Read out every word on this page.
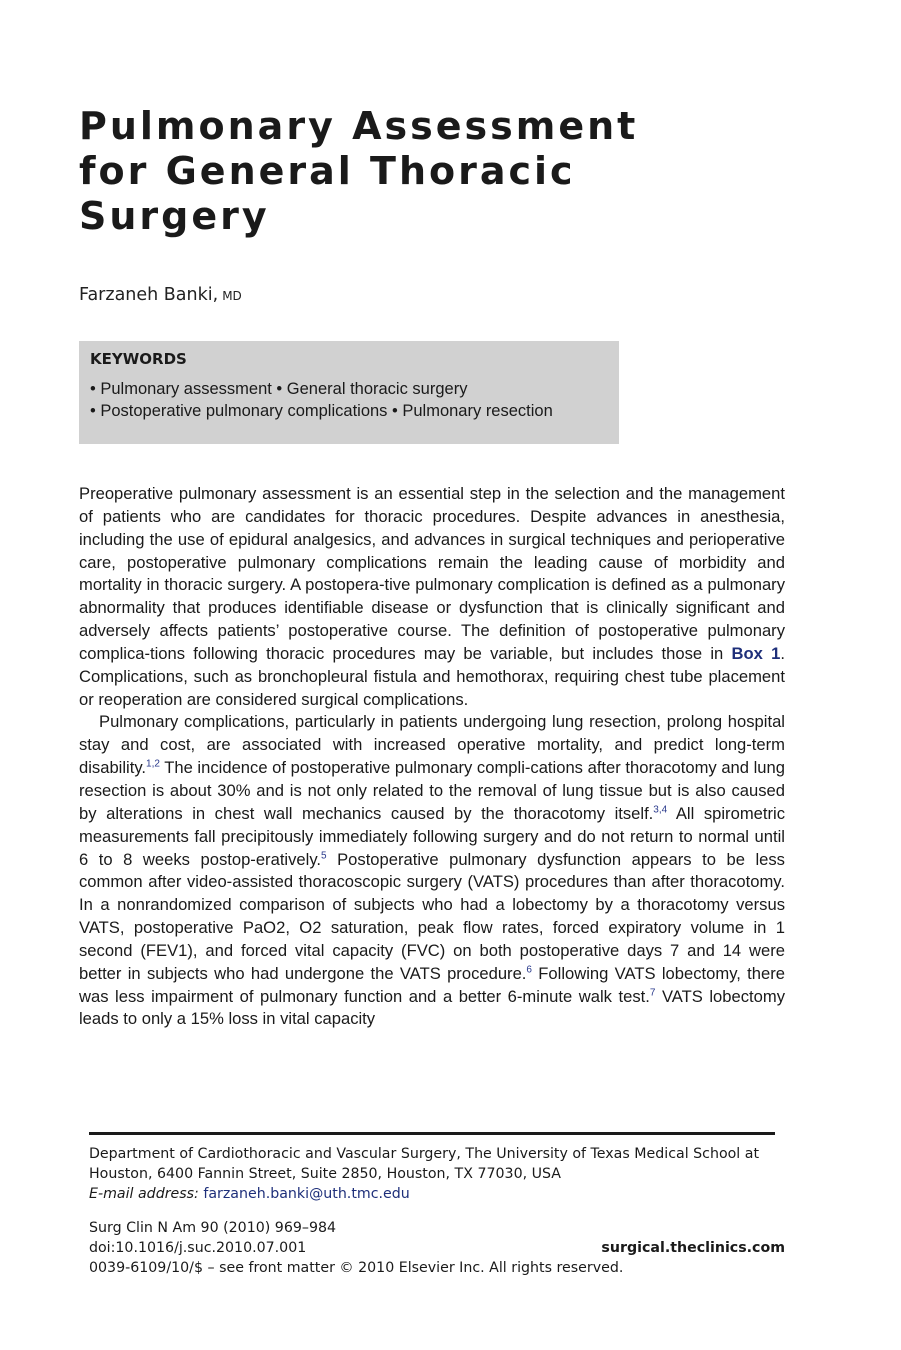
Pulmonary Assessment
for General Thoracic
Surgery
Farzaneh Banki, MD

KEYWORDS

• Pulmonary assessment • General thoracic surgery

• Postoperative pulmonary complications • Pulmonary resection

Preoperative pulmonary assessment is an essential step in the selection and the management of patients who are candidates for thoracic procedures. Despite advances in anesthesia, including the use of epidural analgesics, and advances in surgical techniques and perioperative care, postoperative pulmonary complications remain the leading cause of morbidity and mortality in thoracic surgery. A postopera-tive pulmonary complication is defined as a pulmonary abnormality that produces identifiable disease or dysfunction that is clinically significant and adversely affects patients’ postoperative course. The definition of postoperative pulmonary complica-tions following thoracic procedures may be variable, but includes those in Box 1. Complications, such as bronchopleural fistula and hemothorax, requiring chest tube placement or reoperation are considered surgical complications.

Pulmonary complications, particularly in patients undergoing lung resection, prolong hospital stay and cost, are associated with increased operative mortality, and predict long-term disability.$^{1,2}$ The incidence of postoperative pulmonary compli-cations after thoracotomy and lung resection is about 30% and is not only related to the removal of lung tissue but is also caused by alterations in chest wall mechanics caused by the thoracotomy itself.$^{3,4}$ All spirometric measurements fall precipitously immediately following surgery and do not return to normal until 6 to 8 weeks postop-eratively.$^5$ Postoperative pulmonary dysfunction appears to be less common after video-assisted thoracoscopic surgery (VATS) procedures than after thoracotomy. In a nonrandomized comparison of subjects who had a lobectomy by a thoracotomy versus VATS, postoperative PaO2, O2 saturation, peak flow rates, forced expiratory volume in 1 second (FEV1), and forced vital capacity (FVC) on both postoperative days 7 and 14 were better in subjects who had undergone the VATS procedure.$^6$ Following VATS lobectomy, there was less impairment of pulmonary function and a better 6-minute walk test.$^7$ VATS lobectomy leads to only a 15% loss in vital capacity

Department of Cardiothoracic and Vascular Surgery, The University of Texas Medical School at Houston, 6400 Fannin Street, Suite 2850, Houston, TX 77030, USA

E-mail address: farzaneh.banki@uth.tmc.edu

Surg Clin N Am 90 (2010) 969–984

doi:10.1016/j.suc.2010.07.001	surgical.theclinics.com

0039-6109/10/$ – see front matter © 2010 Elsevier Inc. All rights reserved.
